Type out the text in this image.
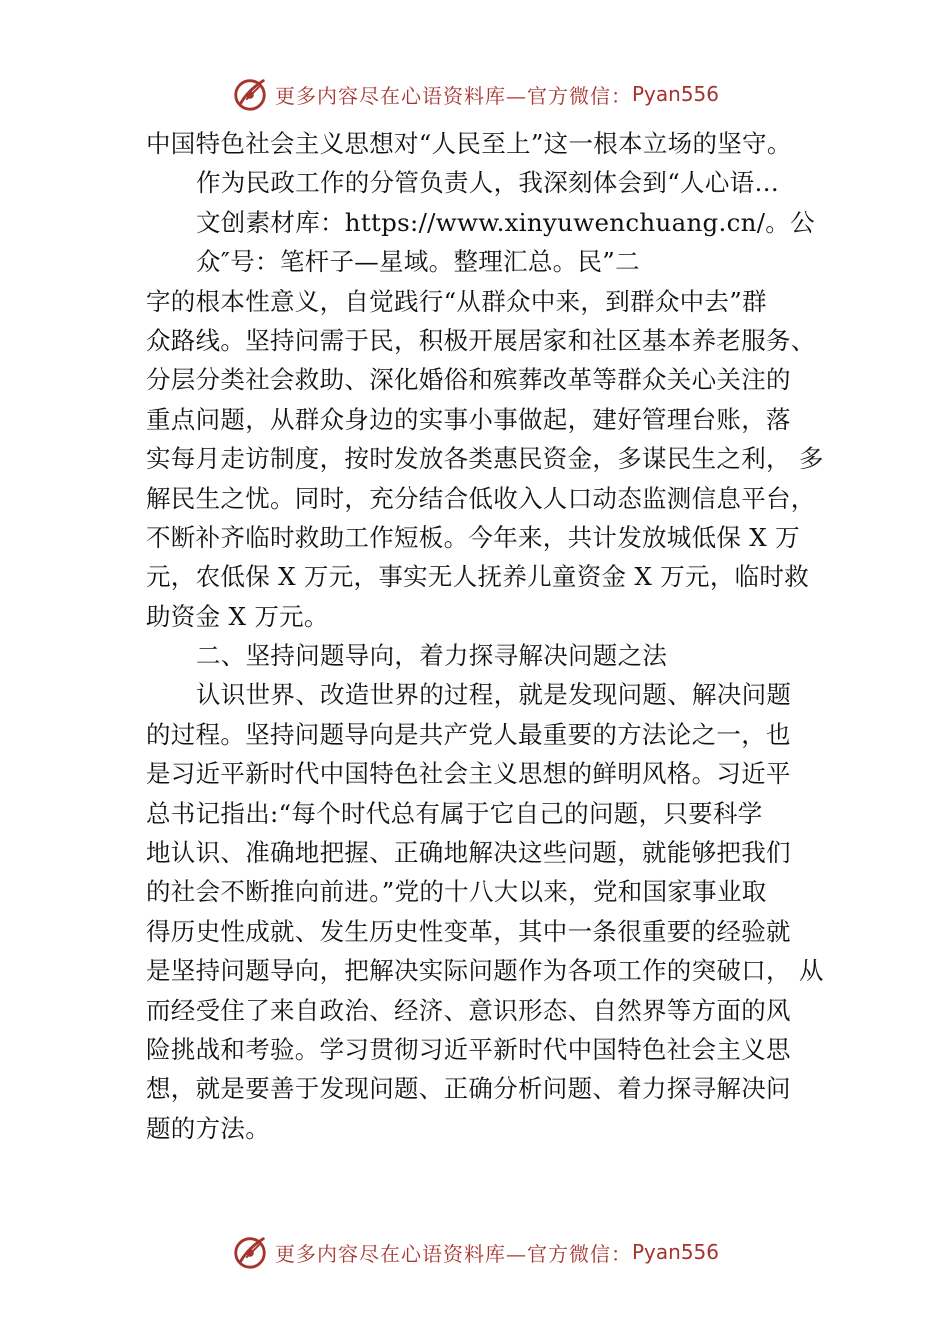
更多内容尽在心语资料库—官方微信： Pyan556
中国特色社会主义思想对“人民至上”这一根本立场的坚守。
作为民政工作的分管负责人，我深刻体会到“人心语…
文创素材库：https://www.xinyuwenchuang.cn/。公
众″号：笔杆子—星域。整理汇总。民”二
字的根本性意义，自觉践行“从群众中来，到群众中去”群
众路线。坚持问需于民，积极开展居家和社区基本养老服务、
分层分类社会救助、深化婚俗和殡葬改革等群众关心关注的
重点问题，从群众身边的实事小事做起，建好管理台账，落
实每月走访制度，按时发放各类惠民资金，多谋民生之利， 多
解民生之忧。同时，充分结合低收入人口动态监测信息平台，
不断补齐临时救助工作短板。今年来，共计发放城低保 X 万
元，农低保 X 万元，事实无人抚养儿童资金 X 万元，临时救
助资金 X 万元。
二、坚持问题导向，着力探寻解决问题之法
认识世界、改造世界的过程，就是发现问题、解决问题
的过程。坚持问题导向是共产党人最重要的方法论之一，也
是习近平新时代中国特色社会主义思想的鲜明风格。习近平
总书记指出:“每个时代总有属于它自己的问题，只要科学
地认识、准确地把握、正确地解决这些问题，就能够把我们
的社会不断推向前进。”党的十八大以来，党和国家事业取
得历史性成就、发生历史性变革，其中一条很重要的经验就
是坚持问题导向，把解决实际问题作为各项工作的突破口， 从
而经受住了来自政治、经济、意识形态、自然界等方面的风
险挑战和考验。学习贯彻习近平新时代中国特色社会主义思
想，就是要善于发现问题、正确分析问题、着力探寻解决问
题的方法。
更多内容尽在心语资料库—官方微信： Pyan556
